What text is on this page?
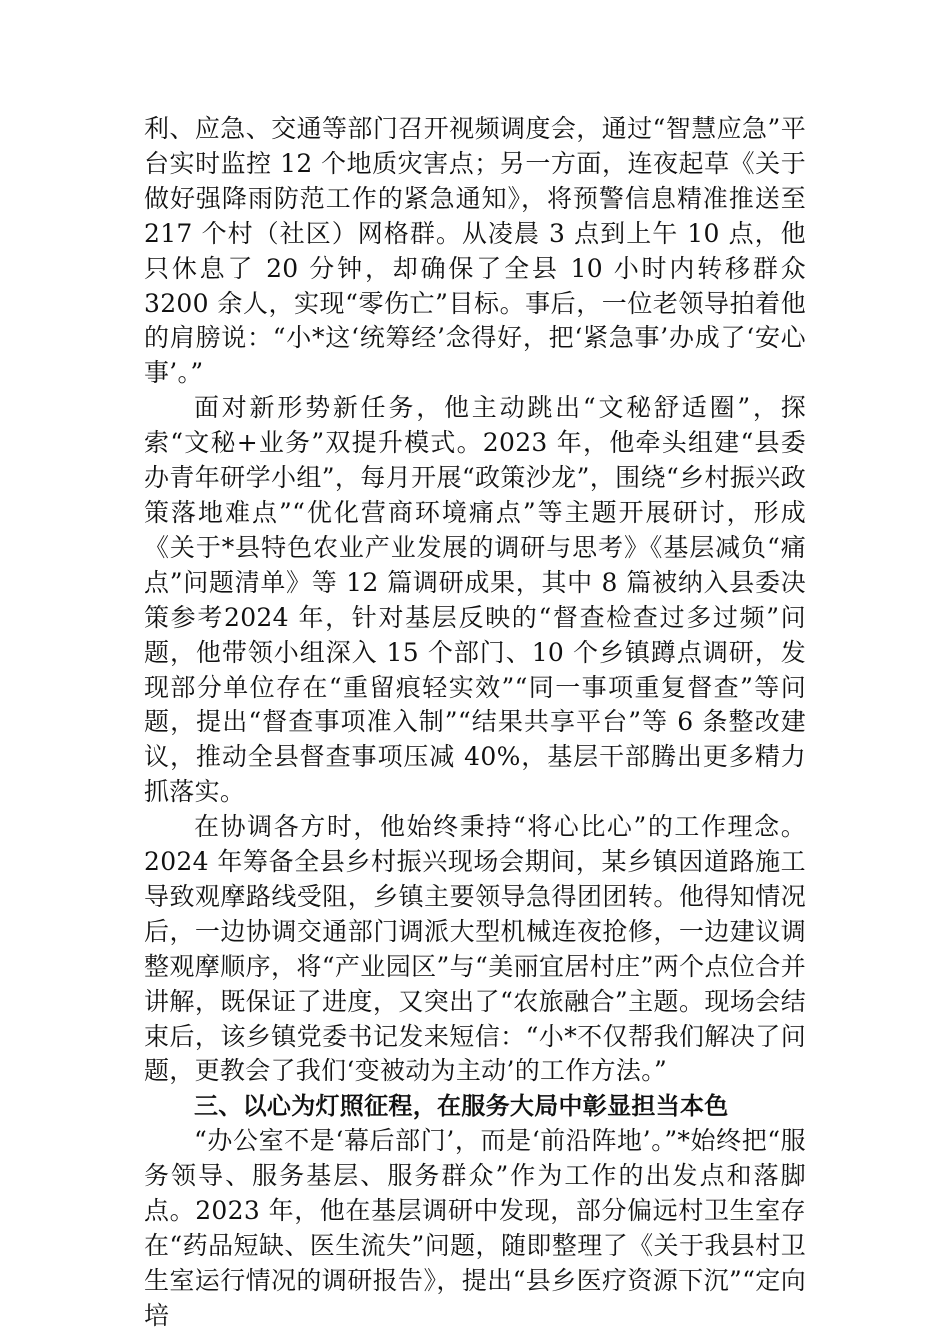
利、应急、交通等部门召开视频调度会，通过“智慧应急”平台实时监控 12 个地质灾害点；另一方面，连夜起草《关于做好强降雨防范工作的紧急通知》，将预警信息精准推送至 217 个村（社区）网格群。从凌晨 3 点到上午 10 点，他只休息了 20 分钟，却确保了全县 10 小时内转移群众 3200 余人，实现“零伤亡”目标。事后，一位老领导拍着他的肩膀说：“小*这‘统筹经’念得好，把‘紧急事’办成了‘安心事’。”

面对新形势新任务，他主动跳出“文秘舒适圈”，探索“文秘+业务”双提升模式。2023 年，他牵头组建“县委办青年研学小组”，每月开展“政策沙龙”，围绕“乡村振兴政策落地难点”“优化营商环境痛点”等主题开展研讨，形成《关于*县特色农业产业发展的调研与思考》《基层减负“痛点”问题清单》等 12 篇调研成果，其中 8 篇被纳入县委决策参考2024 年，针对基层反映的“督查检查过多过频”问题，他带领小组深入 15 个部门、10 个乡镇蹲点调研，发现部分单位存在“重留痕轻实效”“同一事项重复督查”等问题，提出“督查事项准入制”“结果共享平台”等 6 条整改建议，推动全县督查事项压减 40%，基层干部腾出更多精力抓落实。

在协调各方时，他始终秉持“将心比心”的工作理念。2024 年筹备全县乡村振兴现场会期间，某乡镇因道路施工导致观摩路线受阻，乡镇主要领导急得团团转。他得知情况后，一边协调交通部门调派大型机械连夜抢修，一边建议调整观摩顺序，将“产业园区”与“美丽宜居村庄”两个点位合并讲解，既保证了进度，又突出了“农旅融合”主题。现场会结束后，该乡镇党委书记发来短信：“小*不仅帮我们解决了问题，更教会了我们‘变被动为主动’的工作方法。”

三、以心为灯照征程，在服务大局中彰显担当本色

“办公室不是‘幕后部门’，而是‘前沿阵地’。”*始终把“服务领导、服务基层、服务群众”作为工作的出发点和落脚点。2023 年，他在基层调研中发现，部分偏远村卫生室存在“药品短缺、医生流失”问题，随即整理了《关于我县村卫生室运行情况的调研报告》，提出“县乡医疗资源下沉”“定向培
